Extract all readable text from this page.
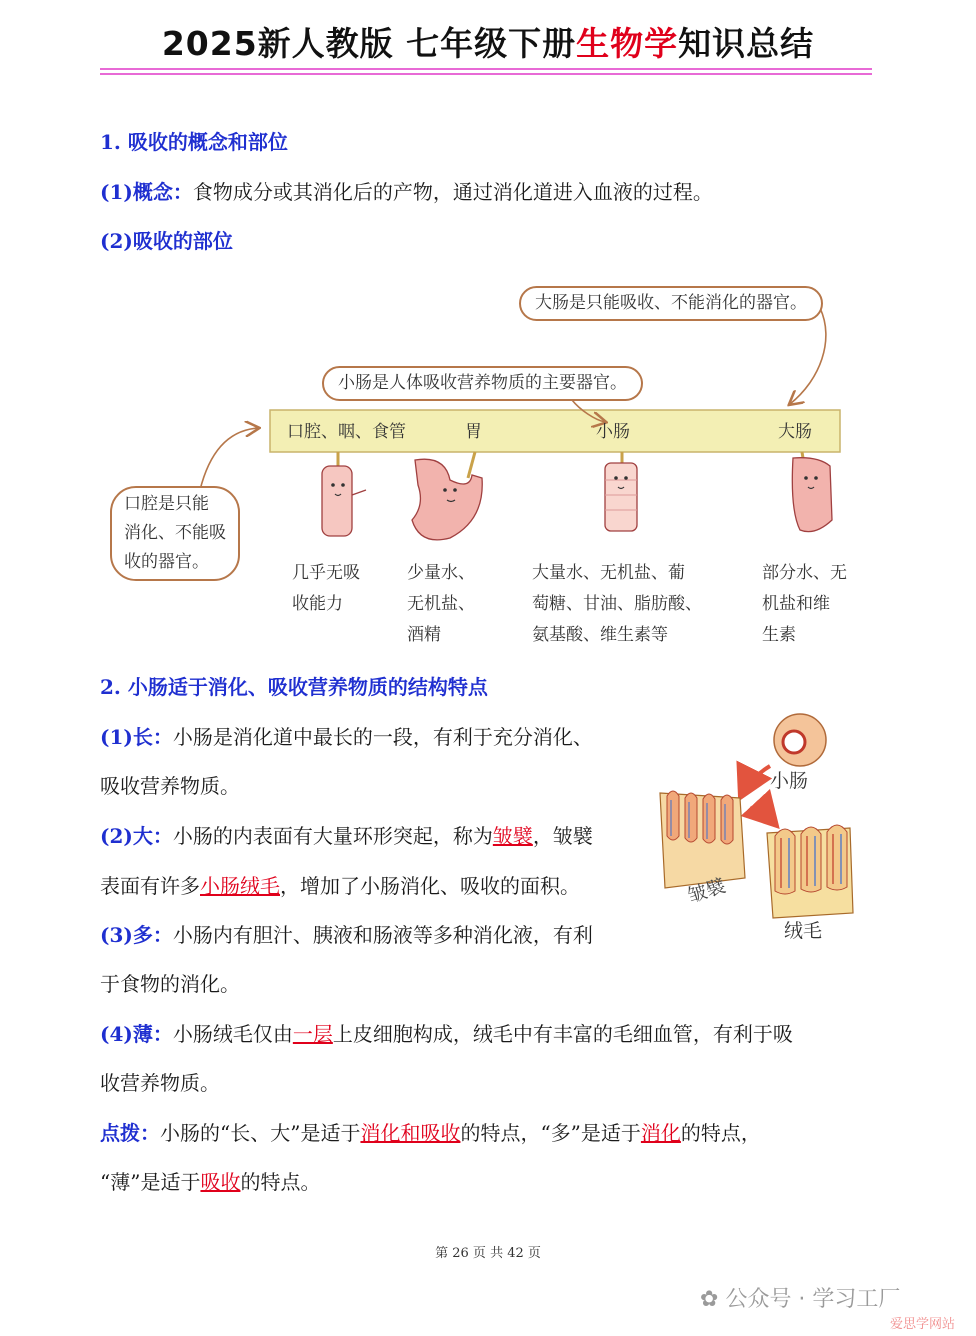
2025新人教版 七年级下册生物学知识总结
1. 吸收的概念和部位
(1)概念：食物成分或其消化后的产物，通过消化道进入血液的过程。
(2)吸收的部位
大肠是只能吸收、不能消化的器官。
小肠是人体吸收营养物质的主要器官。
口腔是只能
消化、不能吸
收的器官。
口腔、咽、食管	胃	小肠	大肠
几乎无吸
收能力
少量水、
无机盐、
酒精
大量水、无机盐、葡
萄糖、甘油、脂肪酸、
氨基酸、维生素等
部分水、无
机盐和维
生素
2. 小肠适于消化、吸收营养物质的结构特点
(1)长：小肠是消化道中最长的一段，有利于充分消化、
吸收营养物质。
(2)大：小肠的内表面有大量环形突起，称为皱襞，皱襞
表面有许多小肠绒毛，增加了小肠消化、吸收的面积。
(3)多：小肠内有胆汁、胰液和肠液等多种消化液，有利
于食物的消化。
(4)薄：小肠绒毛仅由一层上皮细胞构成，绒毛中有丰富的毛细血管，有利于吸
收营养物质。
点拨：小肠的“长、大”是适于消化和吸收的特点，“多”是适于消化的特点，
“薄”是适于吸收的特点。
小肠
皱襞
绒毛
第 26 页 共 42 页
✿ 公众号 · 学习工厂
爱思学网站
